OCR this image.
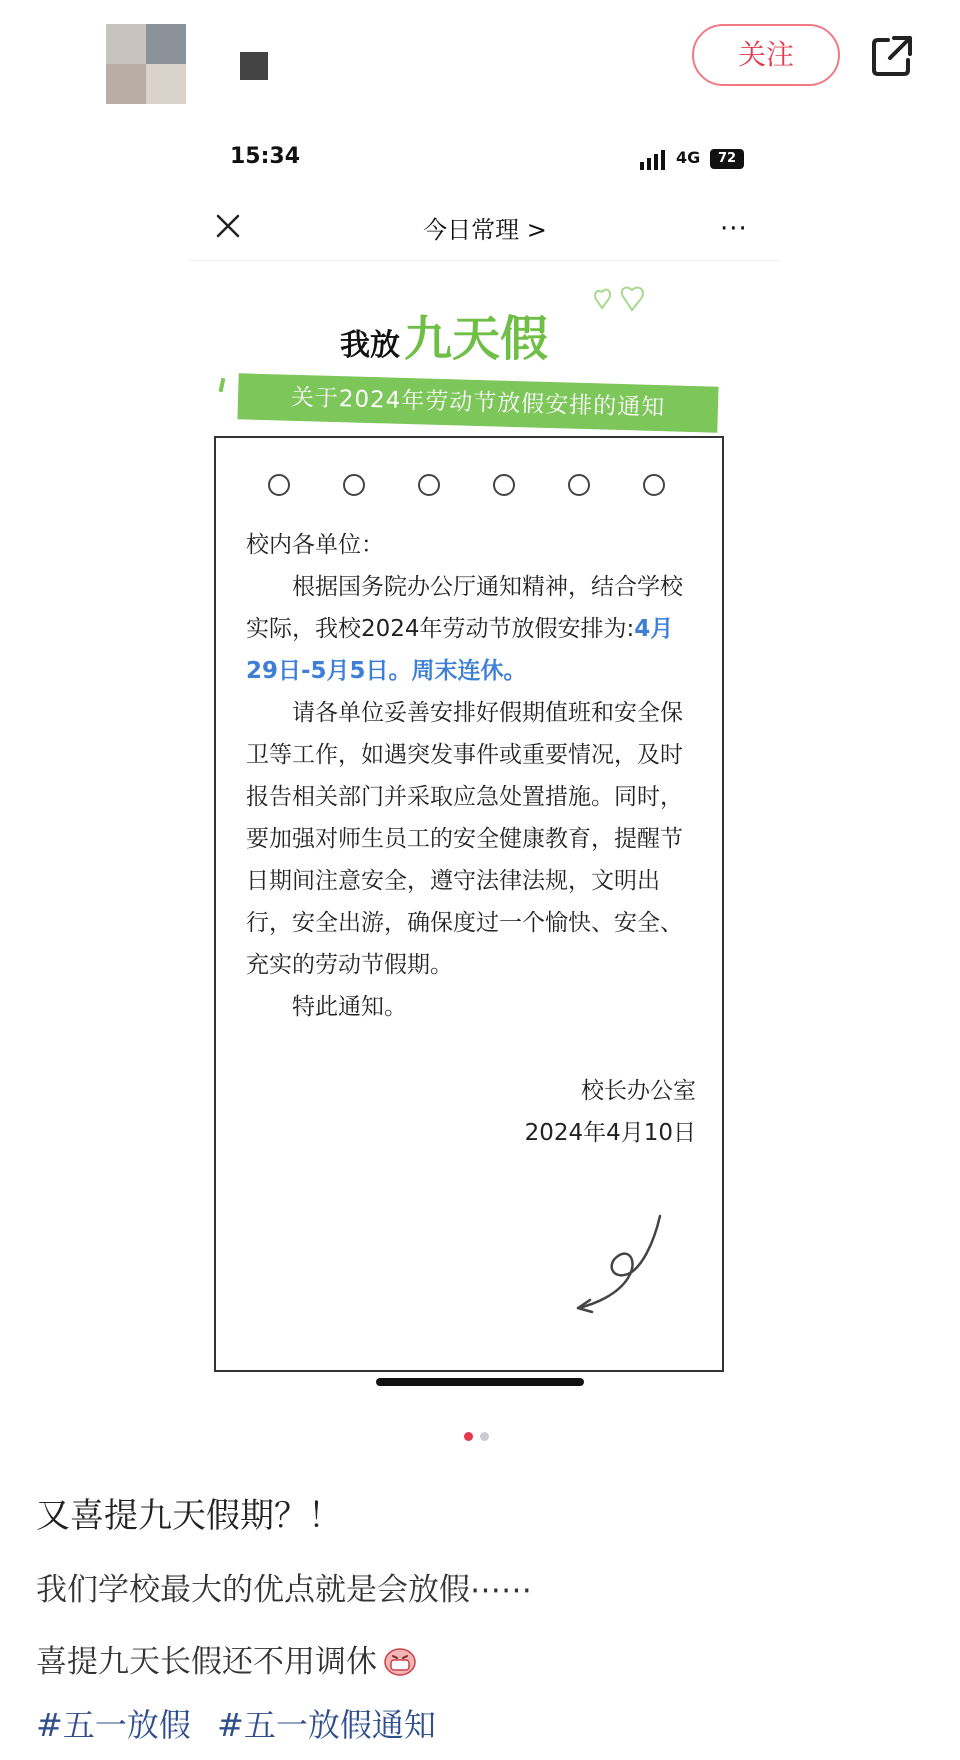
关注
15:34	4G	72
今日常理 >	···
我放九天假
关于2024年劳动节放假安排的通知

校内各单位：

根据国务院办公厅通知精神，结合学校实际，我校2024年劳动节放假安排为:4月29日-5月5日。周末连休。

请各单位妥善安排好假期值班和安全保卫等工作，如遇突发事件或重要情况，及时报告相关部门并采取应急处置措施。同时，要加强对师生员工的安全健康教育，提醒节日期间注意安全，遵守法律法规，文明出行，安全出游，确保度过一个愉快、安全、充实的劳动节假期。

特此通知。

校长办公室

2024年4月10日

又喜提九天假期？！
我们学校最大的优点就是会放假⋯⋯
喜提九天长假还不用调休
#五一放假 #五一放假通知
